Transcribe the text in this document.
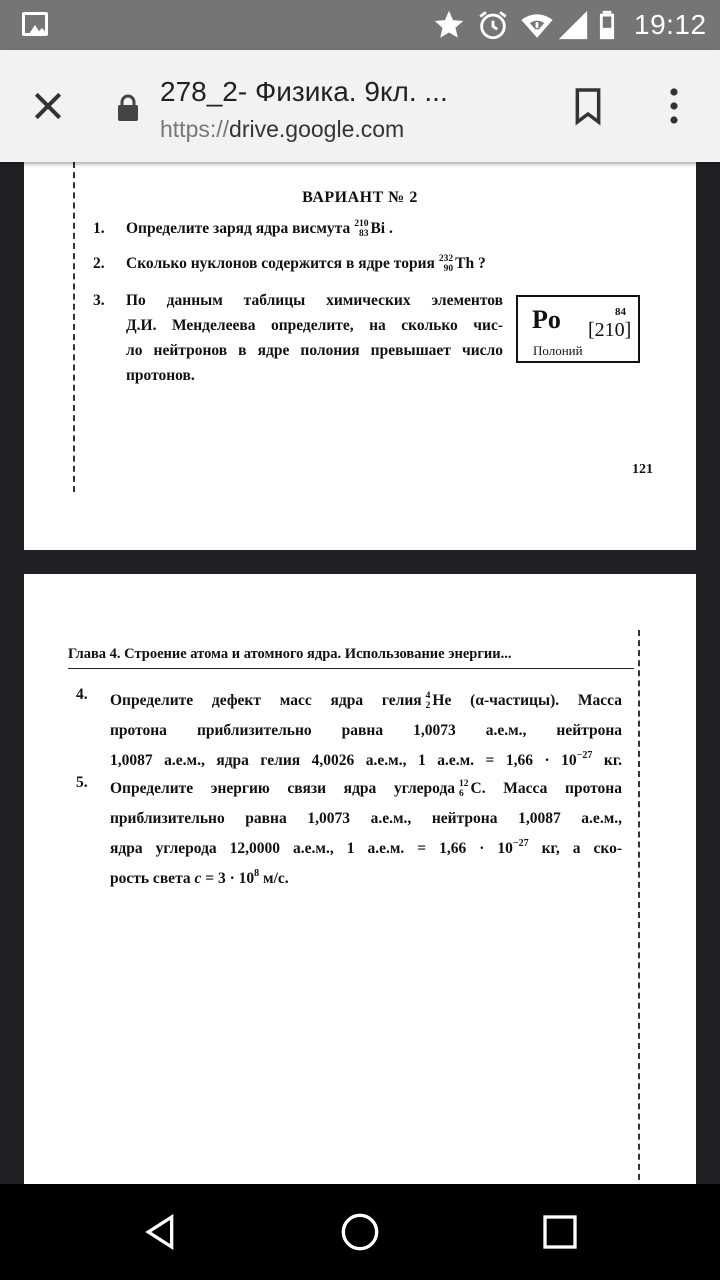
19:12
278_2- Физика. 9кл. ...
https://drive.google.com
ВАРИАНТ № 2
1. Определите заряд ядра висмута 210
83 Bi .
2. Сколько нуклонов содержится в ядре тория 232
90 Th ?
3. По данным таблицы химических элементов
Д.И. Менделеева определите, на сколько чис-
ло нейтронов в ядре полония превышает число
протонов.
Po	84
[210]
Полоний
121
Глава 4. Строение атома и атомного ядра. Использование энергии...
4. Определите дефект масс ядра гелия 4
2 He (α-частицы). Масса
протона приблизительно равна 1,0073 а.е.м., нейтрона
1,0087 а.е.м., ядра гелия 4,0026 а.е.м., 1 а.е.м. = $1,66 \cdot 10^{-27}$ кг.
5. Определите энергию связи ядра углерода 12
6 C. Масса протона
приблизительно равна 1,0073 а.е.м., нейтрона 1,0087 а.е.м.,
ядра углерода 12,0000 а.е.м., 1 а.е.м. = $1,66 \cdot 10^{-27}$ кг, а ско-
рость света $c = 3 \cdot 10^8$ м/с.
